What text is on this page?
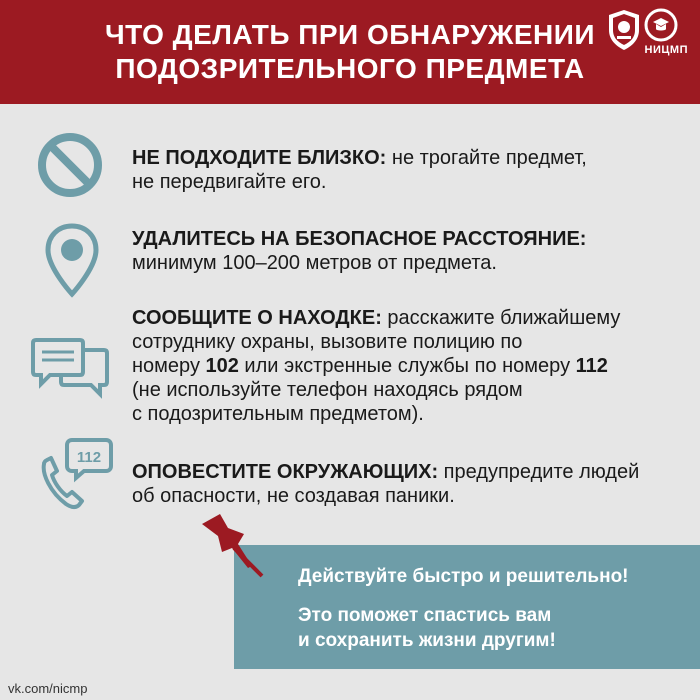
ЧТО ДЕЛАТЬ ПРИ ОБНАРУЖЕНИИ
ПОДОЗРИТЕЛЬНОГО ПРЕДМЕТА
НИЦМП
НЕ ПОДХОДИТЕ БЛИЗКО: не трогайте предмет,
не передвигайте его.
УДАЛИТЕСЬ НА БЕЗОПАСНОЕ РАССТОЯНИЕ:
минимум 100–200 метров от предмета.
СООБЩИТЕ О НАХОДКЕ: расскажите ближайшему
сотруднику охраны, вызовите полицию по
номеру 102 или экстренные службы по номеру 112
(не используйте телефон находясь рядом
с подозрительным предметом).
112
ОПОВЕСТИТЕ ОКРУЖАЮЩИХ: предупредите людей
об опасности, не создавая паники.
Действуйте быстро и решительно!
Это поможет спастись вам
и сохранить жизни другим!
vk.com/nicmp
